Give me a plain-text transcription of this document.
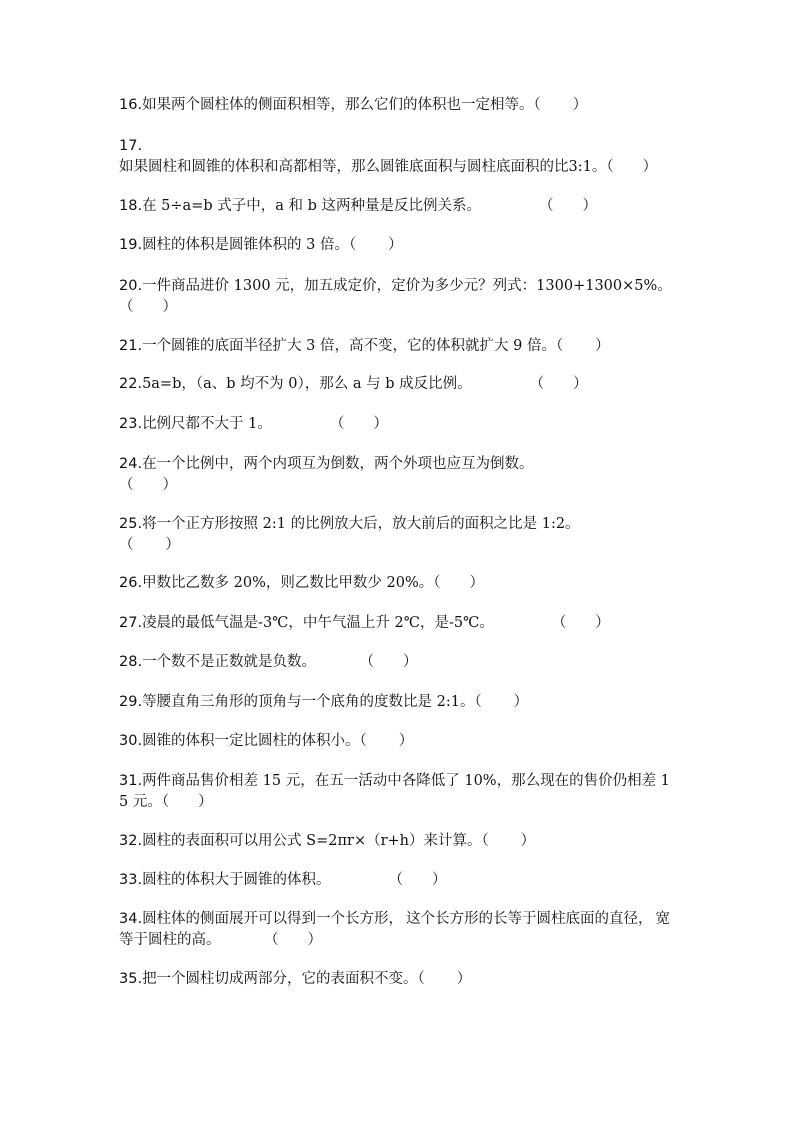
16.如果两个圆柱体的侧面积相等，那么它们的体积也一定相等。（　　 ）
17.如果圆柱和圆锥的体积和高都相等，那么圆锥底面积与圆柱底面积的比3:1。（　　）
18.在 5÷a=b 式子中，a 和 b 这两种量是反比例关系。　　　　　（　　）
19.圆柱的体积是圆锥体积的 3 倍。（　　 ）
20.一件商品进价 1300 元，加五成定价，定价为多少元？列式：1300+1300×5%。　　　　　（　　）
21.一个圆锥的底面半径扩大 3 倍，高不变，它的体积就扩大 9 倍。（　　 ）
22.5a=b，（a、b 均不为 0），那么 a 与 b 成反比例。　　　　　（　　）
23.比例尺都不大于 1。　　　　　（　　）
24.在一个比例中，两个内项互为倒数，两个外项也应互为倒数。
（　　）
25.将一个正方形按照 2:1 的比例放大后，放大前后的面积之比是 1:2。
（　　 ）
26.甲数比乙数多 20%，则乙数比甲数少 20%。（　　）
27.凌晨的最低气温是-3℃，中午气温上升 2℃，是-5℃。　　　　　（　　）
28.一个数不是正数就是负数。　　　　（　　）
29.等腰直角三角形的顶角与一个底角的度数比是 2:1。（　　 ）
30.圆锥的体积一定比圆柱的体积小。（　　 ）
31.两件商品售价相差 15 元，在五一活动中各降低了 10%，那么现在的售价仍相差 15 元。（　　）
32.圆柱的表面积可以用公式 S=2πr×（r+h）来计算。（　　 ）
33.圆柱的体积大于圆锥的体积。　　　　　（　　）
34.圆柱体的侧面展开可以得到一个长方形， 这个长方形的长等于圆柱底面的直径， 宽等于圆柱的高。　　　　（　　）
35.把一个圆柱切成两部分，它的表面积不变。（　　 ）
